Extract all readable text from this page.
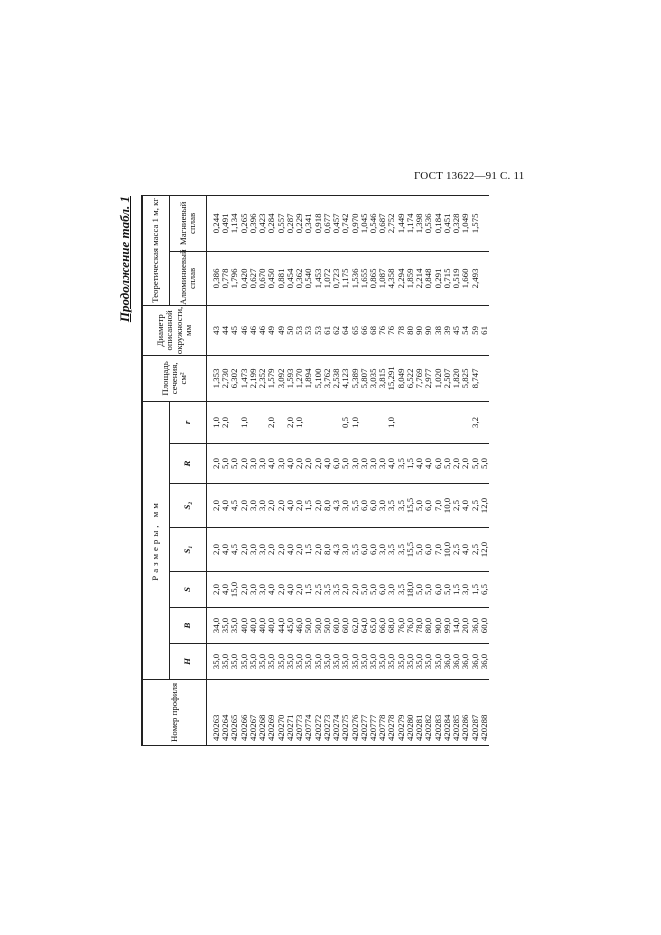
ГОСТ 13622—91 С. 11
Продолжение табл. 1
Номер профиля	Размеры, мм							Площадь сечения, см²	Диаметр описанной окружности, мм	Теоретическая масса 1 м, кг	
	H	B	S	S₁	S₂	R	r			Алюминиевый сплав	Магниевый сплав
420263	35,0	34,0	2,0	2,0	2,0	2,0	1,0	1,353	43	0,386	0,244
420264	35,0	35,0	4,0	4,0	4,0	5,0	2,0	2,730	44	0,778	0,491
420265	35,0	35,0	15,0	4,5	4,5	5,0		6,302	45	1,796	1,134
420266	35,0	40,0	2,0	2,0	2,0	2,0	1,0	1,473	46	0,420	0,265
420267	35,0	40,0	3,0	3,0	3,0	3,0		2,199	46	0,627	0,396
420268	35,0	40,0	3,0	3,0	3,0	3,0		2,352	46	0,670	0,423
420269	35,0	40,0	4,0	2,0	2,0	4,0	2,0	1,579	49	0,450	0,284
420270	35,0	44,0	2,0	2,0	2,0	3,0		3,092	49	0,881	0,557
420271	35,0	45,0	4,0	4,0	4,0	4,0	2,0	1,593	50	0,454	0,287
420773	35,0	46,0	2,0	2,0	2,0	2,0	1,0	1,270	53	0,362	0,229
420774	35,0	50,0	1,5	1,5	1,5	2,0		1,894	53	0,540	0,341
420272	35,0	50,0	2,5	2,0	2,0	2,0		5,100	53	1,453	0,918
420273	35,0	50,0	3,5	8,0	8,0	4,0		3,762	61	1,072	0,677
420274	35,0	60,0	3,5	4,3	4,3	6,0		2,538	62	0,723	0,457
420275	35,0	60,0	2,0	3,0	3,0	5,0	0,5	4,123	64	1,175	0,742
420276	35,0	62,0	2,0	5,5	5,5	3,0	1,0	5,389	65	1,536	0,970
420277	35,0	64,0	5,0	6,0	6,0	3,0		5,807	66	1,655	1,045
420777	35,0	65,0	5,0	6,0	6,0	3,0		3,035	68	0,865	0,546
420778	35,0	66,0	6,0	3,0	3,0	3,0		3,815	76	1,087	0,687
420278	35,0	68,0	3,0	3,5	3,5	4,0	1,0	15,291	76	4,358	2,752
420279	35,0	76,0	3,5	3,5	3,5	3,5		8,049	78	2,294	1,449
420280	35,0	76,0	18,0	15,5	15,5	1,5		6,522	80	1,859	1,174
420281	35,0	78,0	5,0	5,0	5,0	4,0		7,769	90	2,214	1,398
420282	35,0	80,0	5,0	6,0	6,0	4,0		2,977	90	0,848	0,536
420283	35,0	90,0	6,0	7,0	7,0	6,0		1,020	38	0,291	0,184
420284	36,0	99,0	5,0	10,0	10,0	5,0		2,507	39	0,715	0,451
420285	36,0	14,0	1,5	2,5	2,5	2,0		1,820	45	0,519	0,328
420286	36,0	20,0	3,0	4,0	4,0	2,0		5,825	54	1,660	1,049
420287	36,0	36,0	1,5	2,5	2,5	5,0	3,2	8,747	59	2,493	1,575
420288	36,0	60,0	6,5	12,0	12,0	5,0			61		
